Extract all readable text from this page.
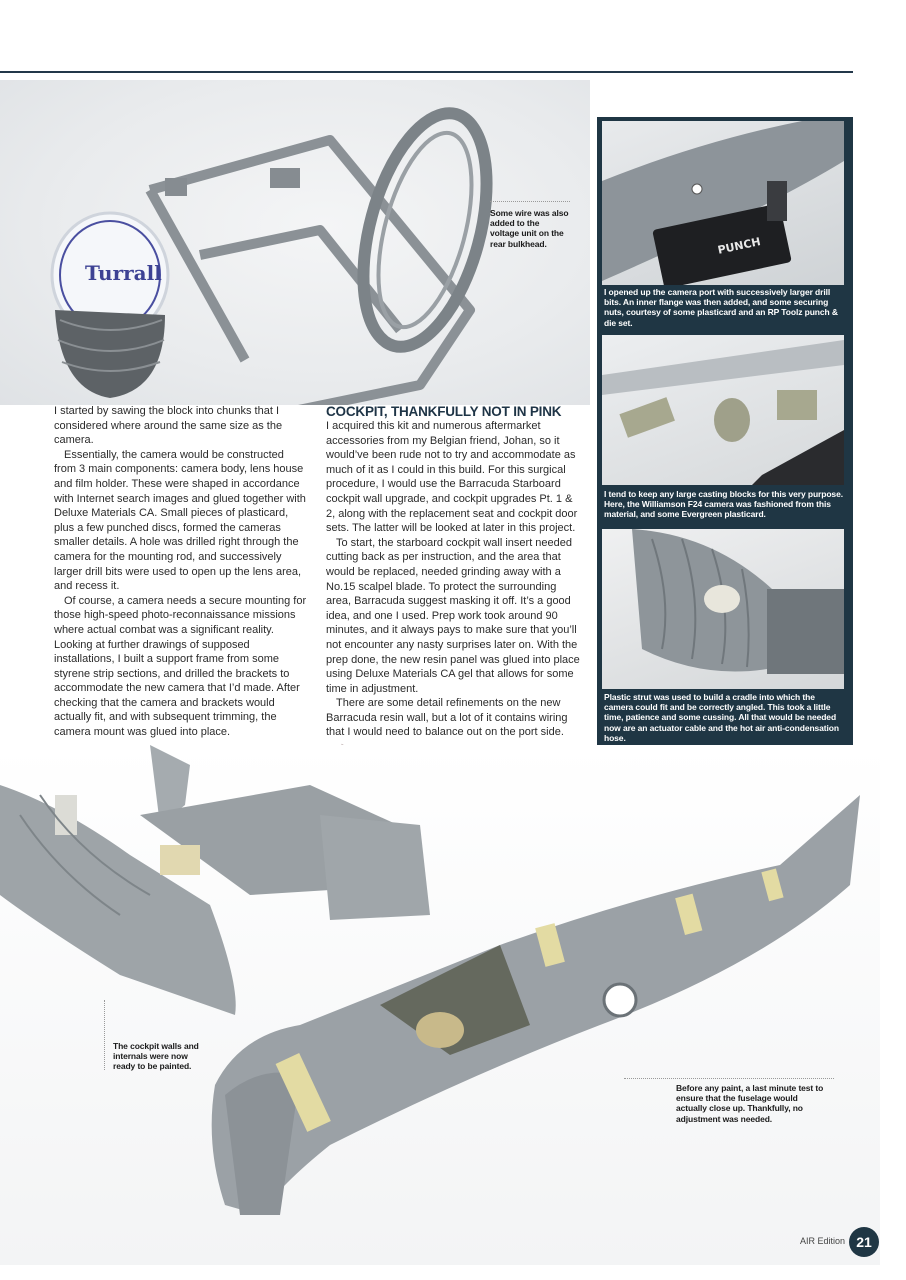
Turrall
Some wire was also added to the voltage unit on the rear bulkhead.	PUNCH
I opened up the camera port with successively larger drill bits. An inner flange was then added, and some securing nuts, courtesy of some plasticard and an RP Toolz punch & die set.
I tend to keep any large casting blocks for this very purpose. Here, the Williamson F24 camera was fashioned from this material, and some Evergreen plasticard.
Plastic strut was used to build a cradle into which the camera could fit and be correctly angled. This took a little time, patience and some cussing. All that would be needed now are an actuator cable and the hot air anti-condensation hose.

I started by sawing the block into chunks that I considered where around the same size as the camera.

Essentially, the camera would be constructed from 3 main components: camera body, lens house and film holder. These were shaped in accordance with Internet search images and glued together with Deluxe Materials CA. Small pieces of plasticard, plus a few punched discs, formed the cameras smaller details. A hole was drilled right through the camera for the mounting rod, and successively larger drill bits were used to open up the lens area, and recess it.

Of course, a camera needs a secure mounting for those high-speed photo-reconnaissance missions where actual combat was a significant reality. Looking at further drawings of supposed installations, I built a support frame from some styrene strip sections, and drilled the brackets to accommodate the new camera that I’d made. After checking that the camera and brackets would actually fit, and with subsequent trimming, the camera mount was glued into place.

COCKPIT, THANKFULLY NOT IN PINK

I acquired this kit and numerous aftermarket accessories from my Belgian friend, Johan, so it would’ve been rude not to try and accommodate as much of it as I could in this build. For this surgical procedure, I would use the Barracuda Starboard cockpit wall upgrade, and cockpit upgrades Pt. 1 & 2, along with the replacement seat and cockpit door sets. The latter will be looked at later in this project.

To start, the starboard cockpit wall insert needed cutting back as per instruction, and the area that would be replaced, needed grinding away with a No.15 scalpel blade. To protect the surrounding area, Barracuda suggest masking it off. It’s a good idea, and one I used. Prep work took around 90 minutes, and it always pays to make sure that you’ll not encounter any nasty surprises later on. With the prep done, the new resin panel was glued into place using Deluxe Materials CA gel that allows for some time in adjustment.

There are some detail refinements on the new Barracuda resin wall, but a lot of it contains wiring that I would need to balance out on the port side.

The cockpit walls and internals were now ready to be painted.
Before any paint, a last minute test to ensure that the fuselage would actually close up. Thankfully, no adjustment was needed.
AIR Edition 21
